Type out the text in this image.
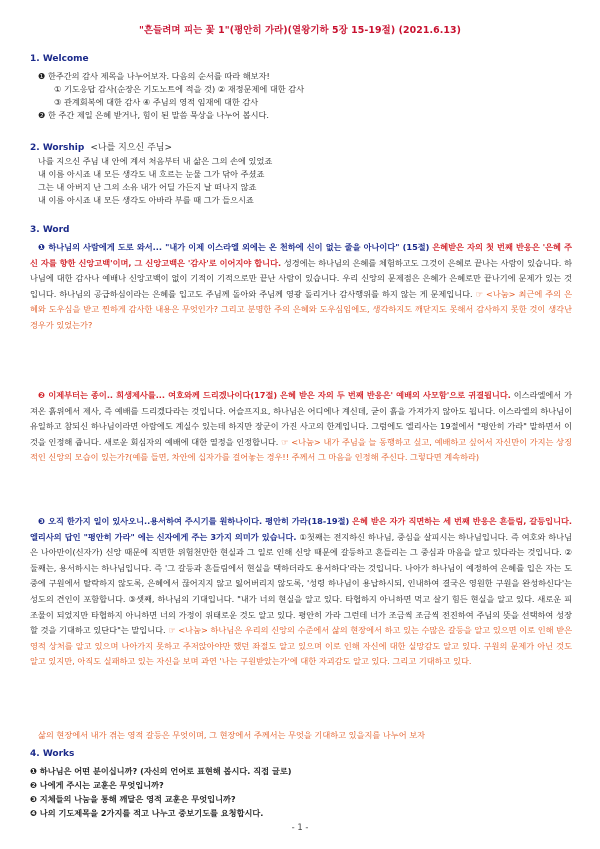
"흔들려며 피는 꽃 1"(평안히 가라)(열왕기하 5장 15-19절) (2021.6.13)
1. Welcome
❶ 한주간의 감사 제목을 나누어보자. 다음의 순서를 따라 해보자!
① 기도응답 감사(순장은 기도노트에 적을 것) ② 재정문제에 대한 감사
③ 관계회복에 대한 감사 ④ 주님의 영적 임재에 대한 감사
❷ 한 주간 제일 은혜 받거나, 힘이 된 말씀 묵상을 나누어 봅시다.
2. Worship <나를 지으신 주님>
나를 지으신 주님 내 안에 계셔 처음부터 내 삶은 그의 손에 있었죠
내 이름 아시죠 내 모든 생각도 내 흐르는 눈물 그가 닦아 주셨죠
그는 내 아버지 난 그의 소유 내가 어딜 가든지 날 떠나지 않죠
내 이름 아시죠 내 모든 생각도 아바라 부를 때 그가 들으시죠
3. Word
❶ 하나님의 사람에게 도로 와서... "내가 이제 이스라엘 외에는 온 천하에 신이 없는 줄을 아나이다" (15절) 은혜받은 자의 첫 번째 반응은 '은혜 주신 자를 향한 신앙고백'이며, 그 신앙고백은 '감사'로 이어지야 합니다. 성경에는 하나님의 은혜를 체험하고도 그것이 은혜로 끝나는 사람이 있습니다. 하나님에 대한 감사나 예배나 신앙고백이 없이 기적이 기적으로만 끝난 사람이 있습니다. 우리 신앙의 문제점은 은혜가 은혜로만 끝나기에 문제가 있는 것입니다. 하나님의 공급하심이라는 은혜를 입고도 주님께 돌아와 주님께 영광 돌리거나 감사행위를 하지 않는 게 문제입니다. ☞ <나눔> 최근에 주의 은혜와 도우심을 받고 찐하게 감사한 내용은 무엇인가? 그리고 분명한 주의 은혜와 도우심임에도, 생각하지도 깨닫지도 못해서 감사하지 못한 것이 생각난 경우가 있었는가?
❷ 이제부터는 종이.. 희생제사를... 여호와께 드리겠나이다(17절) 은혜 받은 자의 두 번째 반응은' 예배의 사모함'으로 귀결됩니다. 이스라엘에서 가져온 흙위에서 제사, 즉 예배를 드리겠다라는 것입니다. 어슬프지요, 하나님은 어디에나 계신데, 굳이 흙을 가져가지 않아도 됩니다. 이스라엘의 하나님이 유일하고 참되신 하나님이라면 아람에도 계실수 있는데 하지만 장군이 가진 사고의 한계입니다. 그럼에도 엘리사는 19절에서 "평안히 가라" 말하면서 이것을 인정해 줍니다. 새로운 회심자의 예배에 대한 열정을 인정합니다. ☞ <나눔> 내가 주님을 늘 동행하고 싶고, 예배하고 싶어서 자신만이 가지는 상징적인 신앙의 모습이 있는가?(예를 들면, 차안에 십자가를 걸어놓는 경우!! 주께서 그 마음을 인정해 주신다. 그렇다면 계속하라)
❸ 오직 한가지 일이 있사오니..용서하여 주시기를 원하나이다. 평안히 가라(18-19절) 은혜 받은 자가 직면하는 세 번째 반응은 흔들림, 갈등입니다. 엘리사의 답인 "평안히 가라" 에는 신자에게 주는 3가지 의미가 있습니다. ①첫째는 전지하신 하나님, 중심을 살피시는 하나님입니다. 즉 여호와 하나님은 나아만이(신자가) 신앙 때문에 직면한 위험천만한 현실과 그 일로 인해 신앙 때문에 갈등하고 흔들리는 그 중심과 마음을 알고 있다라는 것입니다. ②둘째는, 용서하시는 하나님입니다. 즉 '그 갈등과 흔들림에서 현실을 택하더라도 용서하다'라는 것입니다. 나아가 하나님이 예정하여 은혜를 입은 자는 도중에 구원에서 탈락하지 않도록, 은혜에서 끊어지지 않고 잃어버리지 않도록, '성령 하나님이 용납하시되, 인내하여 결국은 영원한 구원을 완성하신다'는 성도의 견인이 포함합니다. ③셋째, 하나님의 기대입니다. "내가 너의 현실을 알고 있다. 타협하지 아니하면 먹고 살기 힘든 현실을 알고 있다. 새로운 피조물이 되었지만 타협하지 아니하면 너의 가정이 위태로운 것도 알고 있다. 평안히 가라 그런데 너가 조금씩 조금씩 전진하여 주님의 뜻을 선택하여 성장할 것을 기대하고 있단다"는 말입니다. ☞ <나눔> 하나님은 우리의 신앙의 수준에서 삶의 현장에서 하고 있는 수많은 갈등을 알고 있으면 이로 인해 받은 영적 상처를 알고 있으며 나아가지 못하고 주저앉아야만 했던 좌절도 알고 있으며 이로 인해 자신에 대한 실망감도 알고 있다. 구원의 문제가 아닌 것도 알고 있지만, 아직도 실패하고 있는 자신을 보며 과연 '나는 구원받았는가'에 대한 자괴감도 알고 있다. 그리고 기대하고 있다.
삶의 현장에서 내가 겪는 영적 갈등은 무엇이며, 그 현장에서 주께서는 무엇을 기대하고 있을지를 나누어 보자
4. Works
❶ 하나님은 어떤 분이십니까? (자신의 언어로 표현해 봅시다. 직접 글로)
❷ 나에게 주시는 교훈은 무엇입니까?
❸ 지체들의 나눔을 통해 깨달은 영적 교훈은 무엇입니까?
❹ 나의 기도제목을 2가지를 적고 나누고 중보기도를 요청합시다.
- 1 -
